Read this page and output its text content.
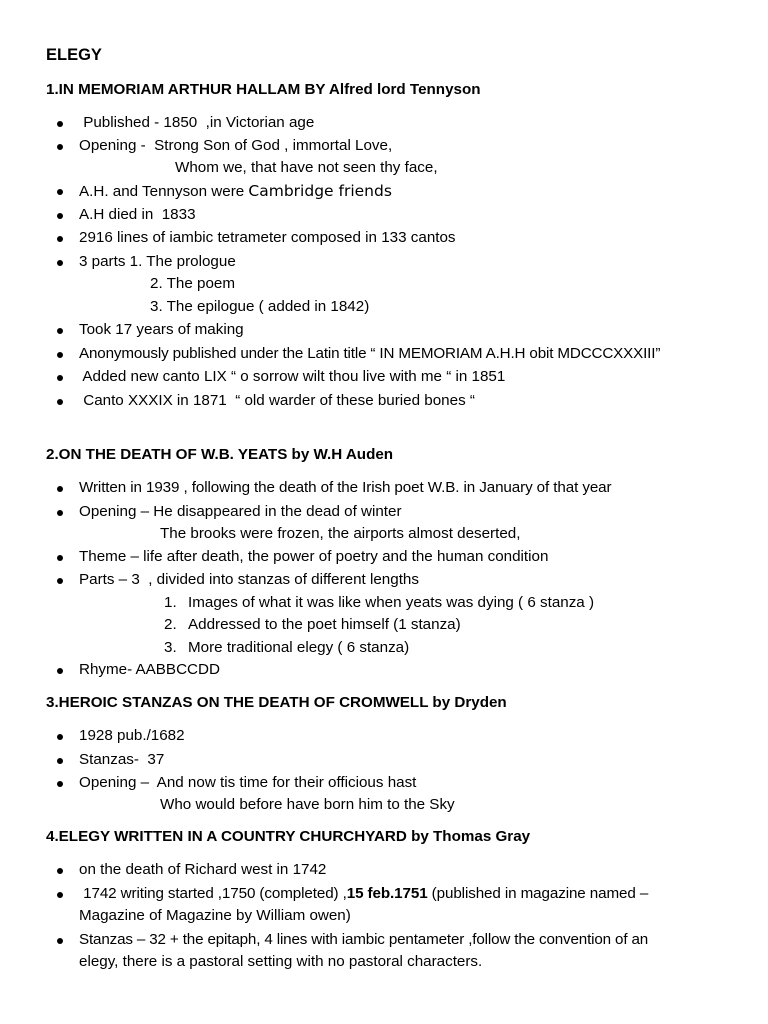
ELEGY
1.IN MEMORIAM ARTHUR HALLAM BY Alfred lord Tennyson
Published - 1850  ,in Victorian age
Opening -  Strong Son of God , immortal Love,
Whom we, that have not seen thy face,
A.H. and Tennyson were Cambridge friends
A.H died in  1833
2916 lines of iambic tetrameter composed in 133 cantos
3 parts 1. The prologue
2. The poem
3. The epilogue ( added in 1842)
Took 17 years of making
Anonymously published under the Latin title “ IN MEMORIAM A.H.H obit MDCCCXXXIII”
Added new canto LIX “ o sorrow wilt thou live with me “ in 1851
Canto XXXIX in 1871  “ old warder of these buried bones “
2.ON THE DEATH OF W.B. YEATS by W.H Auden
Written in 1939 , following the death of the Irish poet W.B. in January of that year
Opening – He disappeared in the dead of winter
The brooks were frozen, the airports almost deserted,
Theme – life after death, the power of poetry and the human condition
Parts – 3  , divided into stanzas of different lengths
1. Images of what it was like when yeats was dying ( 6 stanza )
2. Addressed to the poet himself (1 stanza)
3. More traditional elegy ( 6 stanza)
Rhyme- AABBCCDD
3.HEROIC STANZAS ON THE DEATH OF CROMWELL by Dryden
1928 pub./1682
Stanzas-  37
Opening –  And now tis time for their officious hast
Who would before have born him to the Sky
4.ELEGY WRITTEN IN A COUNTRY CHURCHYARD by Thomas Gray
on the death of Richard west in 1742
1742 writing started ,1750 (completed) ,15 feb.1751 (published in magazine named –
Magazine of Magazine by William owen)
Stanzas – 32 + the epitaph, 4 lines with iambic pentameter ,follow the convention of an
elegy, there is a pastoral setting with no pastoral characters.
